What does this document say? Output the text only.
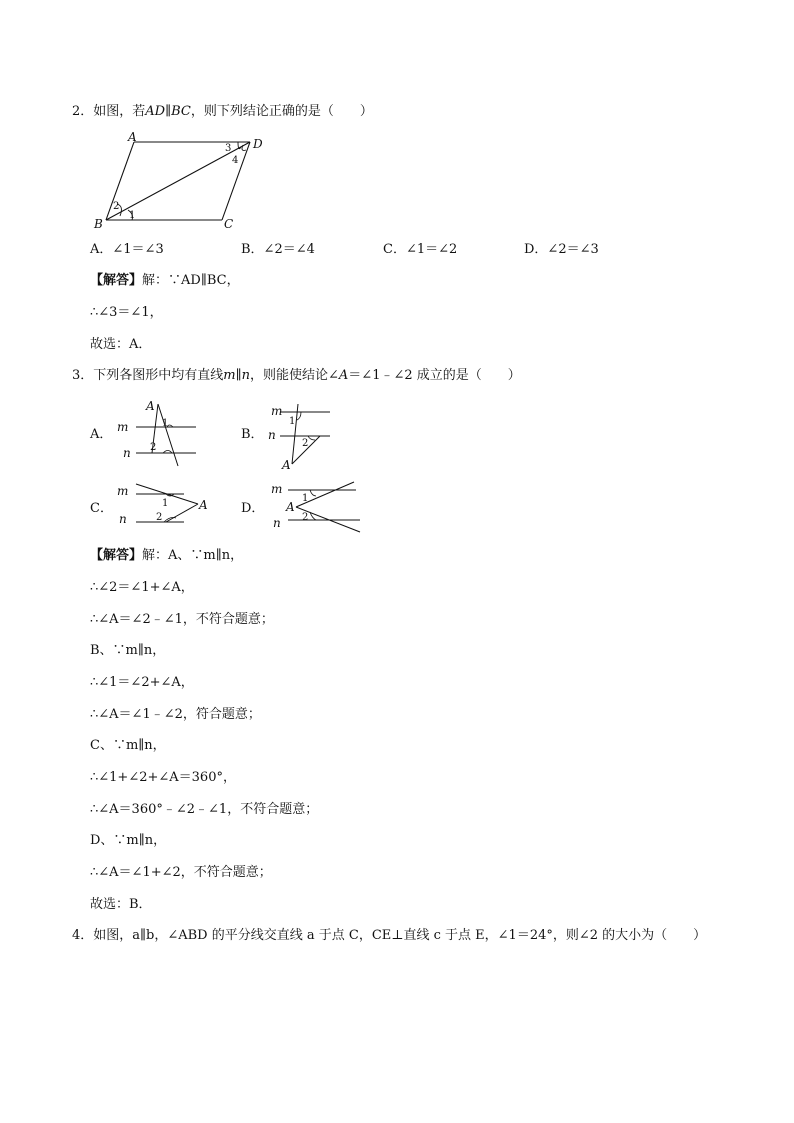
2．如图，若AD∥BC，则下列结论正确的是（　　）
A	D
B	C
2
1
3
4
A．∠1＝∠3	B．∠2＝∠4	C．∠1＝∠2	D．∠2＝∠3
【解答】解：∵AD∥BC，
∴∠3＝∠1，
故选：A．
3．下列各图形中均有直线m∥n，则能使结论∠A＝∠1﹣∠2 成立的是（　　）
A．	B．
C．	D．
A
m
n
1
2
m
n
A
1
2
m
n
A
1
2
m
A
n
1
2
【解答】解：A、∵m∥n，
∴∠2＝∠1+∠A，
∴∠A＝∠2﹣∠1，不符合题意；
B、∵m∥n，
∴∠1＝∠2+∠A，
∴∠A＝∠1﹣∠2，符合题意；
C、∵m∥n，
∴∠1+∠2+∠A＝360°，
∴∠A＝360°﹣∠2﹣∠1，不符合题意；
D、∵m∥n，
∴∠A＝∠1+∠2，不符合题意；
故选：B．
4．如图，a∥b，∠ABD 的平分线交直线 a 于点 C，CE⊥直线 c 于点 E，∠1＝24°，则∠2 的大小为（　　）
